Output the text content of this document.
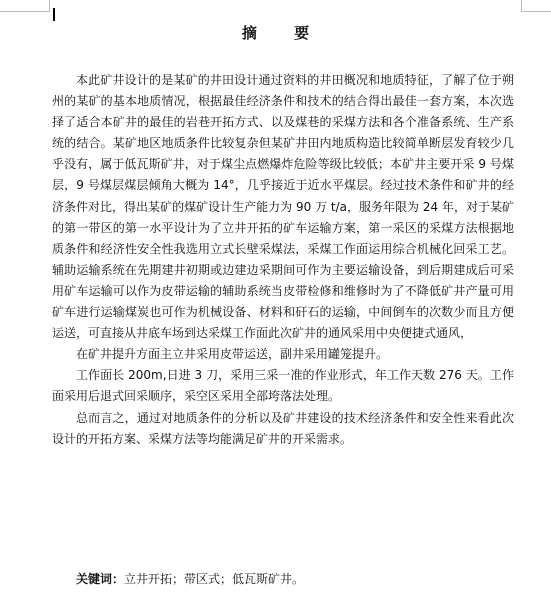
摘 要

本此矿井设计的是某矿的井田设计通过资料的井田概况和地质特征，了解了位于朔州的某矿的基本地质情况，根据最佳经济条件和技术的结合得出最佳一套方案，本次选择了适合本矿井的最佳的岩巷开拓方式、以及煤巷的采煤方法和各个准备系统、生产系统的结合。某矿地区地质条件比较复杂但某矿井田内地质构造比较简单断层发育较少几乎没有，属于低瓦斯矿井，对于煤尘点燃爆炸危险等级比较低；本矿井主要开采 9 号煤层，9 号煤层煤层倾角大概为 14°，几乎接近于近水平煤层。经过技术条件和矿井的经济条件对比，得出某矿的煤矿设计生产能力为 90 万 t/a，服务年限为 24 年，对于某矿的第一带区的第一水平设计为了立井开拓的矿车运输方案，第一采区的采煤方法根据地质条件和经济性安全性我选用立式长壁采煤法，采煤工作面运用综合机械化回采工艺。辅助运输系统在先期建井初期或边建边采期间可作为主要运输设备，到后期建成后可采用矿车运输可以作为皮带运输的辅助系统当皮带检修和维修时为了不降低矿井产量可用矿车进行运输煤炭也可作为机械设备、材料和矸石的运输，中间倒车的次数少而且方便运送，可直接从井底车场到达采煤工作面此次矿井的通风采用中央便捷式通风，

在矿井提升方面主立井采用皮带运送，副井采用罐笼提升。

工作面长 200m,日进 3 刀，采用三采一准的作业形式，年工作天数 276 天。工作面采用后退式回采顺序，采空区采用全部垮落法处理。

总而言之，通过对地质条件的分析以及矿井建设的技术经济条件和安全性来看此次设计的开拓方案、采煤方法等均能满足矿井的开采需求。

关键词：立井开拓；带区式；低瓦斯矿井。
